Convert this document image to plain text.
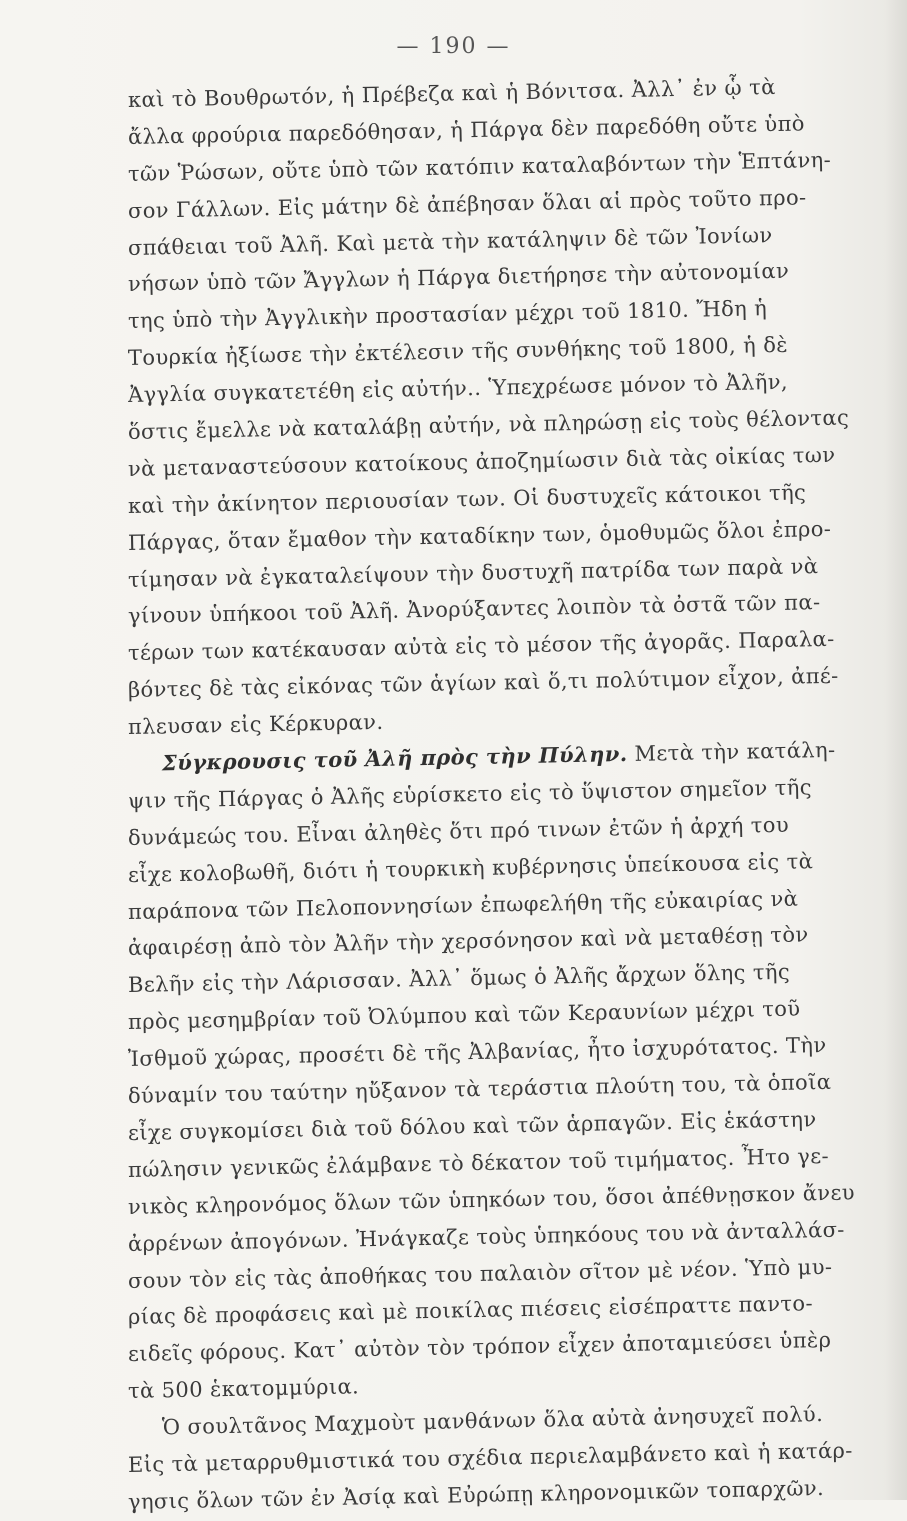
— 190 —
καὶ τὸ Βουθρωτόν, ἡ Πρέβεζα καὶ ἡ Βόνιτσα. Ἀλλ᾽ ἐν ᾧ τὰ
ἄλλα φρούρια παρεδόθησαν, ἡ Πάργα δὲν παρεδόθη οὔτε ὑπὸ
τῶν Ῥώσων, οὔτε ὑπὸ τῶν κατόπιν καταλαβόντων τὴν Ἑπτάνη-
σον Γάλλων. Εἰς μάτην δὲ ἀπέβησαν ὅλαι αἱ πρὸς τοῦτο προ-
σπάθειαι τοῦ Ἀλῆ. Καὶ μετὰ τὴν κατάληψιν δὲ τῶν Ἰονίων
νήσων ὑπὸ τῶν Ἄγγλων ἡ Πάργα διετήρησε τὴν αὐτονομίαν
της ὑπὸ τὴν Ἀγγλικὴν προστασίαν μέχρι τοῦ 1810. Ἤδη ἡ
Τουρκία ἠξίωσε τὴν ἐκτέλεσιν τῆς συνθήκης τοῦ 1800, ἡ δὲ
Ἀγγλία συγκατετέθη εἰς αὐτήν.. Ὑπεχρέωσε μόνον τὸ Ἀλῆν,
ὅστις ἔμελλε νὰ καταλάβῃ αὐτήν, νὰ πληρώσῃ εἰς τοὺς θέλοντας
νὰ μεταναστεύσουν κατοίκους ἀποζημίωσιν διὰ τὰς οἰκίας των
καὶ τὴν ἀκίνητον περιουσίαν των. Οἱ δυστυχεῖς κάτοικοι τῆς
Πάργας, ὅταν ἔμαθον τὴν καταδίκην των, ὁμοθυμῶς ὅλοι ἐπρο-
τίμησαν νὰ ἐγκαταλείψουν τὴν δυστυχῆ πατρίδα των παρὰ νὰ
γίνουν ὑπήκοοι τοῦ Ἀλῆ. Ἀνορύξαντες λοιπὸν τὰ ὀστᾶ τῶν πα-
τέρων των κατέκαυσαν αὐτὰ εἰς τὸ μέσον τῆς ἀγορᾶς. Παραλα-
βόντες δὲ τὰς εἰκόνας τῶν ἁγίων καὶ ὅ,τι πολύτιμον εἶχον, ἀπέ-
πλευσαν εἰς Κέρκυραν.
Σύγκρουσις τοῦ Ἀλῆ πρὸς τὴν Πύλην. Μετὰ τὴν κατάλη-
ψιν τῆς Πάργας ὁ Ἀλῆς εὑρίσκετο εἰς τὸ ὕψιστον σημεῖον τῆς
δυνάμεώς του. Εἶναι ἀληθὲς ὅτι πρό τινων ἐτῶν ἡ ἀρχή του
εἶχε κολοβωθῆ, διότι ἡ τουρκικὴ κυβέρνησις ὑπείκουσα εἰς τὰ
παράπονα τῶν Πελοποννησίων ἐπωφελήθη τῆς εὐκαιρίας νὰ
ἀφαιρέσῃ ἀπὸ τὸν Ἀλῆν τὴν χερσόνησον καὶ νὰ μεταθέσῃ τὸν
Βελῆν εἰς τὴν Λάρισσαν. Ἀλλ᾽ ὅμως ὁ Ἀλῆς ἄρχων ὅλης τῆς
πρὸς μεσημβρίαν τοῦ Ὀλύμπου καὶ τῶν Κεραυνίων μέχρι τοῦ
Ἰσθμοῦ χώρας, προσέτι δὲ τῆς Ἀλβανίας, ἦτο ἰσχυρότατος. Τὴν
δύναμίν του ταύτην ηὔξανον τὰ τεράστια πλούτη του, τὰ ὁποῖα
εἶχε συγκομίσει διὰ τοῦ δόλου καὶ τῶν ἁρπαγῶν. Εἰς ἑκάστην
πώλησιν γενικῶς ἐλάμβανε τὸ δέκατον τοῦ τιμήματος. Ἦτο γε-
νικὸς κληρονόμος ὅλων τῶν ὑπηκόων του, ὅσοι ἀπέθνῃσκον ἄνευ
ἀρρένων ἀπογόνων. Ἠνάγκαζε τοὺς ὑπηκόους του νὰ ἀνταλλάσ-
σουν τὸν εἰς τὰς ἀποθήκας του παλαιὸν σῖτον μὲ νέον. Ὑπὸ μυ-
ρίας δὲ προφάσεις καὶ μὲ ποικίλας πιέσεις εἰσέπραττε παντο-
ειδεῖς φόρους. Κατ᾽ αὐτὸν τὸν τρόπον εἶχεν ἀποταμιεύσει ὑπὲρ
τὰ 500 ἑκατομμύρια.
Ὁ σουλτᾶνος Μαχμοὺτ μανθάνων ὅλα αὐτὰ ἀνησυχεῖ πολύ.
Εἰς τὰ μεταρρυθμιστικά του σχέδια περιελαμβάνετο καὶ ἡ κατάρ-
γησις ὅλων τῶν ἐν Ἀσίᾳ καὶ Εὐρώπῃ κληρονομικῶν τοπαρχῶν.
